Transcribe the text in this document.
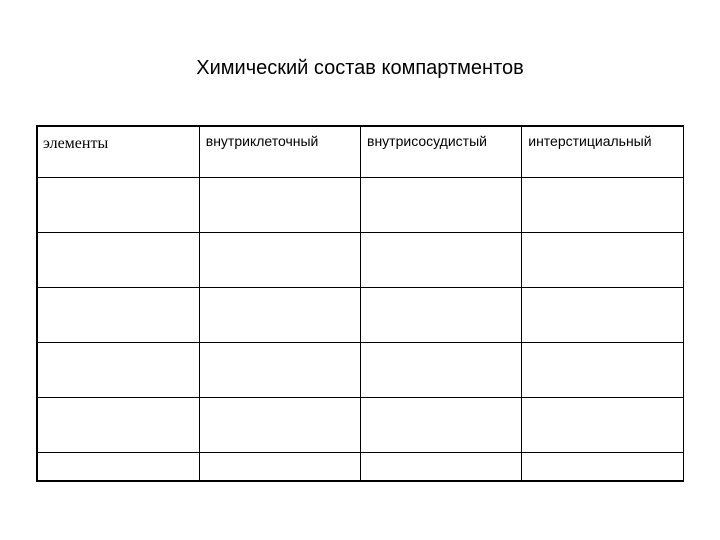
Химический состав компартментов
элементы	внутриклеточный	внутрисосудистый	интерстициальный
